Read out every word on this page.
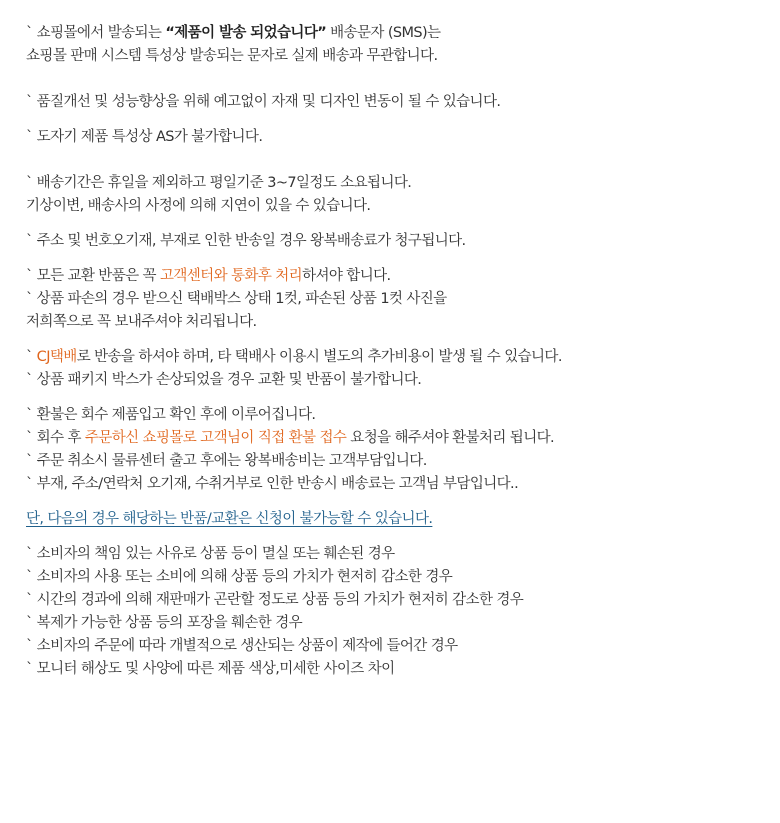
` 쇼핑몰에서 발송되는 “제품이 발송 되었습니다” 배송문자 (SMS)는
쇼핑몰 판매 시스템 특성상 발송되는 문자로 실제 배송과 무관합니다.
` 품질개선 및 성능향상을 위해 예고없이 자재 및 디자인 변동이 될 수 있습니다.
` 도자기 제품 특성상 AS가 불가합니다.
` 배송기간은 휴일을 제외하고 평일기준 3~7일정도 소요됩니다.
기상이변, 배송사의 사정에 의해 지연이 있을 수 있습니다.
` 주소 및 번호오기재, 부재로 인한 반송일 경우 왕복배송료가 청구됩니다.
` 모든 교환 반품은 꼭 고객센터와 통화후 처리하셔야 합니다.
` 상품 파손의 경우 받으신 택배박스 상태 1컷, 파손된 상품 1컷 사진을
저희쪽으로 꼭 보내주셔야 처리됩니다.
` CJ택배로 반송을 하셔야 하며, 타 택배사 이용시 별도의 추가비용이 발생 될 수 있습니다.
` 상품 패키지 박스가 손상되었을 경우 교환 및 반품이 불가합니다.
` 환불은 회수 제품입고 확인 후에 이루어집니다.
` 회수 후 주문하신 쇼핑몰로 고객님이 직접 환불 접수 요청을 해주셔야 환불처리 됩니다.
` 주문 취소시 물류센터 출고 후에는 왕복배송비는 고객부담입니다.
` 부재, 주소/연락처 오기재, 수취거부로 인한 반송시 배송료는 고객님 부담입니다..
단, 다음의 경우 해당하는 반품/교환은 신청이 불가능할 수 있습니다.
` 소비자의 책임 있는 사유로 상품 등이 멸실 또는 훼손된 경우
` 소비자의 사용 또는 소비에 의해 상품 등의 가치가 현저히 감소한 경우
` 시간의 경과에 의해 재판매가 곤란할 정도로 상품 등의 가치가 현저히 감소한 경우
` 복제가 가능한 상품 등의 포장을 훼손한 경우
` 소비자의 주문에 따라 개별적으로 생산되는 상품이 제작에 들어간 경우
` 모니터 해상도 및 사양에 따른 제품 색상,미세한 사이즈 차이
